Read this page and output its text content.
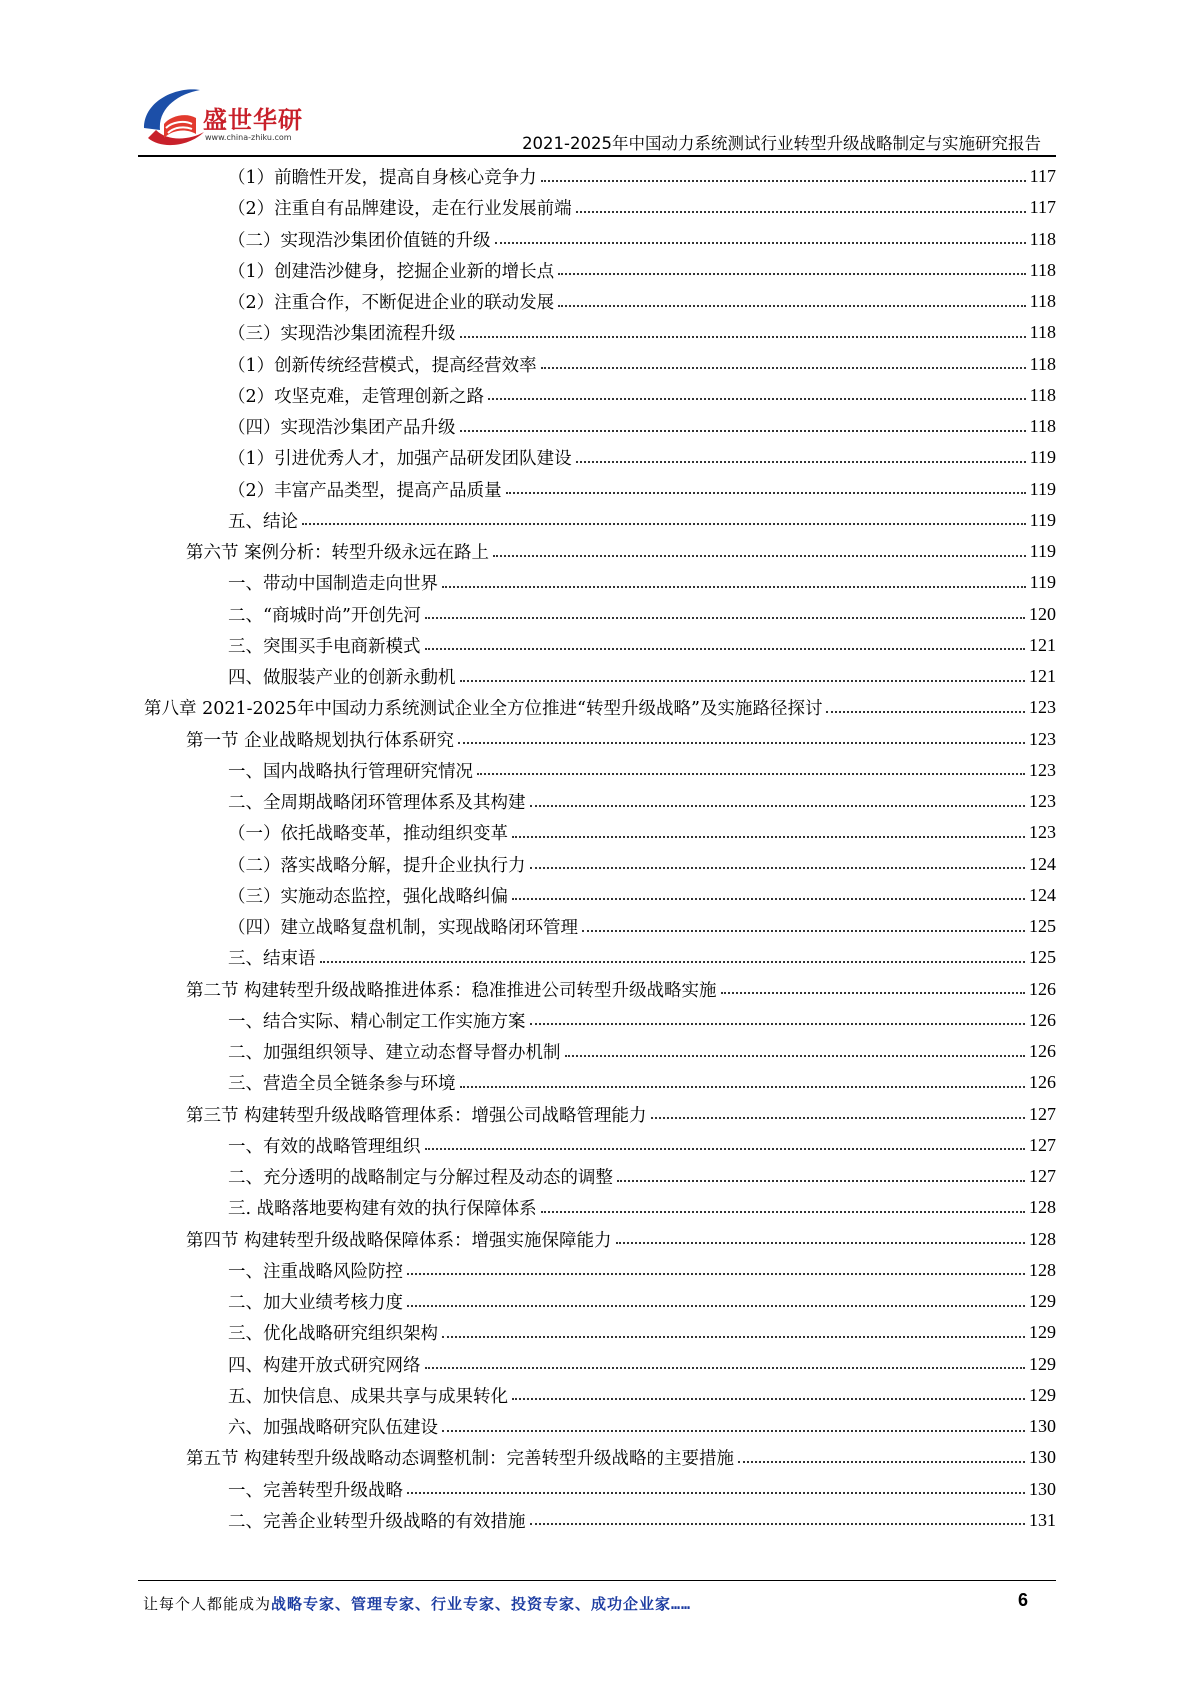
盛世华研
www.china-zhiku.com	2021-2025年中国动力系统测试行业转型升级战略制定与实施研究报告
（1）前瞻性开发，提高自身核心竞争力	117
（2）注重自有品牌建设，走在行业发展前端	117
（二）实现浩沙集团价值链的升级	118
（1）创建浩沙健身，挖掘企业新的增长点	118
（2）注重合作，不断促进企业的联动发展	118
（三）实现浩沙集团流程升级	118
（1）创新传统经营模式，提高经营效率	118
（2）攻坚克难，走管理创新之路	118
（四）实现浩沙集团产品升级	118
（1）引进优秀人才，加强产品研发团队建设	119
（2）丰富产品类型，提高产品质量	119
五、结论	119
第六节 案例分析：转型升级永远在路上	119
一、带动中国制造走向世界	119
二、“商城时尚”开创先河	120
三、突围买手电商新模式	121
四、做服装产业的创新永動机	121
第八章 2021-2025年中国动力系统测试企业全方位推进“转型升级战略”及实施路径探讨	123
第一节 企业战略规划执行体系研究	123
一、国内战略执行管理研究情况	123
二、全周期战略闭环管理体系及其构建	123
（一）依托战略变革，推动组织变革	123
（二）落实战略分解，提升企业执行力	124
（三）实施动态监控，强化战略纠偏	124
（四）建立战略复盘机制，实现战略闭环管理	125
三、结束语	125
第二节 构建转型升级战略推进体系：稳准推进公司转型升级战略实施	126
一、结合实际、精心制定工作实施方案	126
二、加强组织领导、建立动态督导督办机制	126
三、营造全员全链条参与环境	126
第三节 构建转型升级战略管理体系：增强公司战略管理能力	127
一、有效的战略管理组织	127
二、充分透明的战略制定与分解过程及动态的调整	127
三. 战略落地要构建有效的执行保障体系	128
第四节 构建转型升级战略保障体系：增强实施保障能力	128
一、注重战略风险防控	128
二、加大业绩考核力度	129
三、优化战略研究组织架构	129
四、构建开放式研究网络	129
五、加快信息、成果共享与成果转化	129
六、加强战略研究队伍建设	130
第五节 构建转型升级战略动态调整机制：完善转型升级战略的主要措施	130
一、完善转型升级战略	130
二、完善企业转型升级战略的有效措施	131
让每个人都能成为战略专家、管理专家、行业专家、投资专家、成功企业家……	6
